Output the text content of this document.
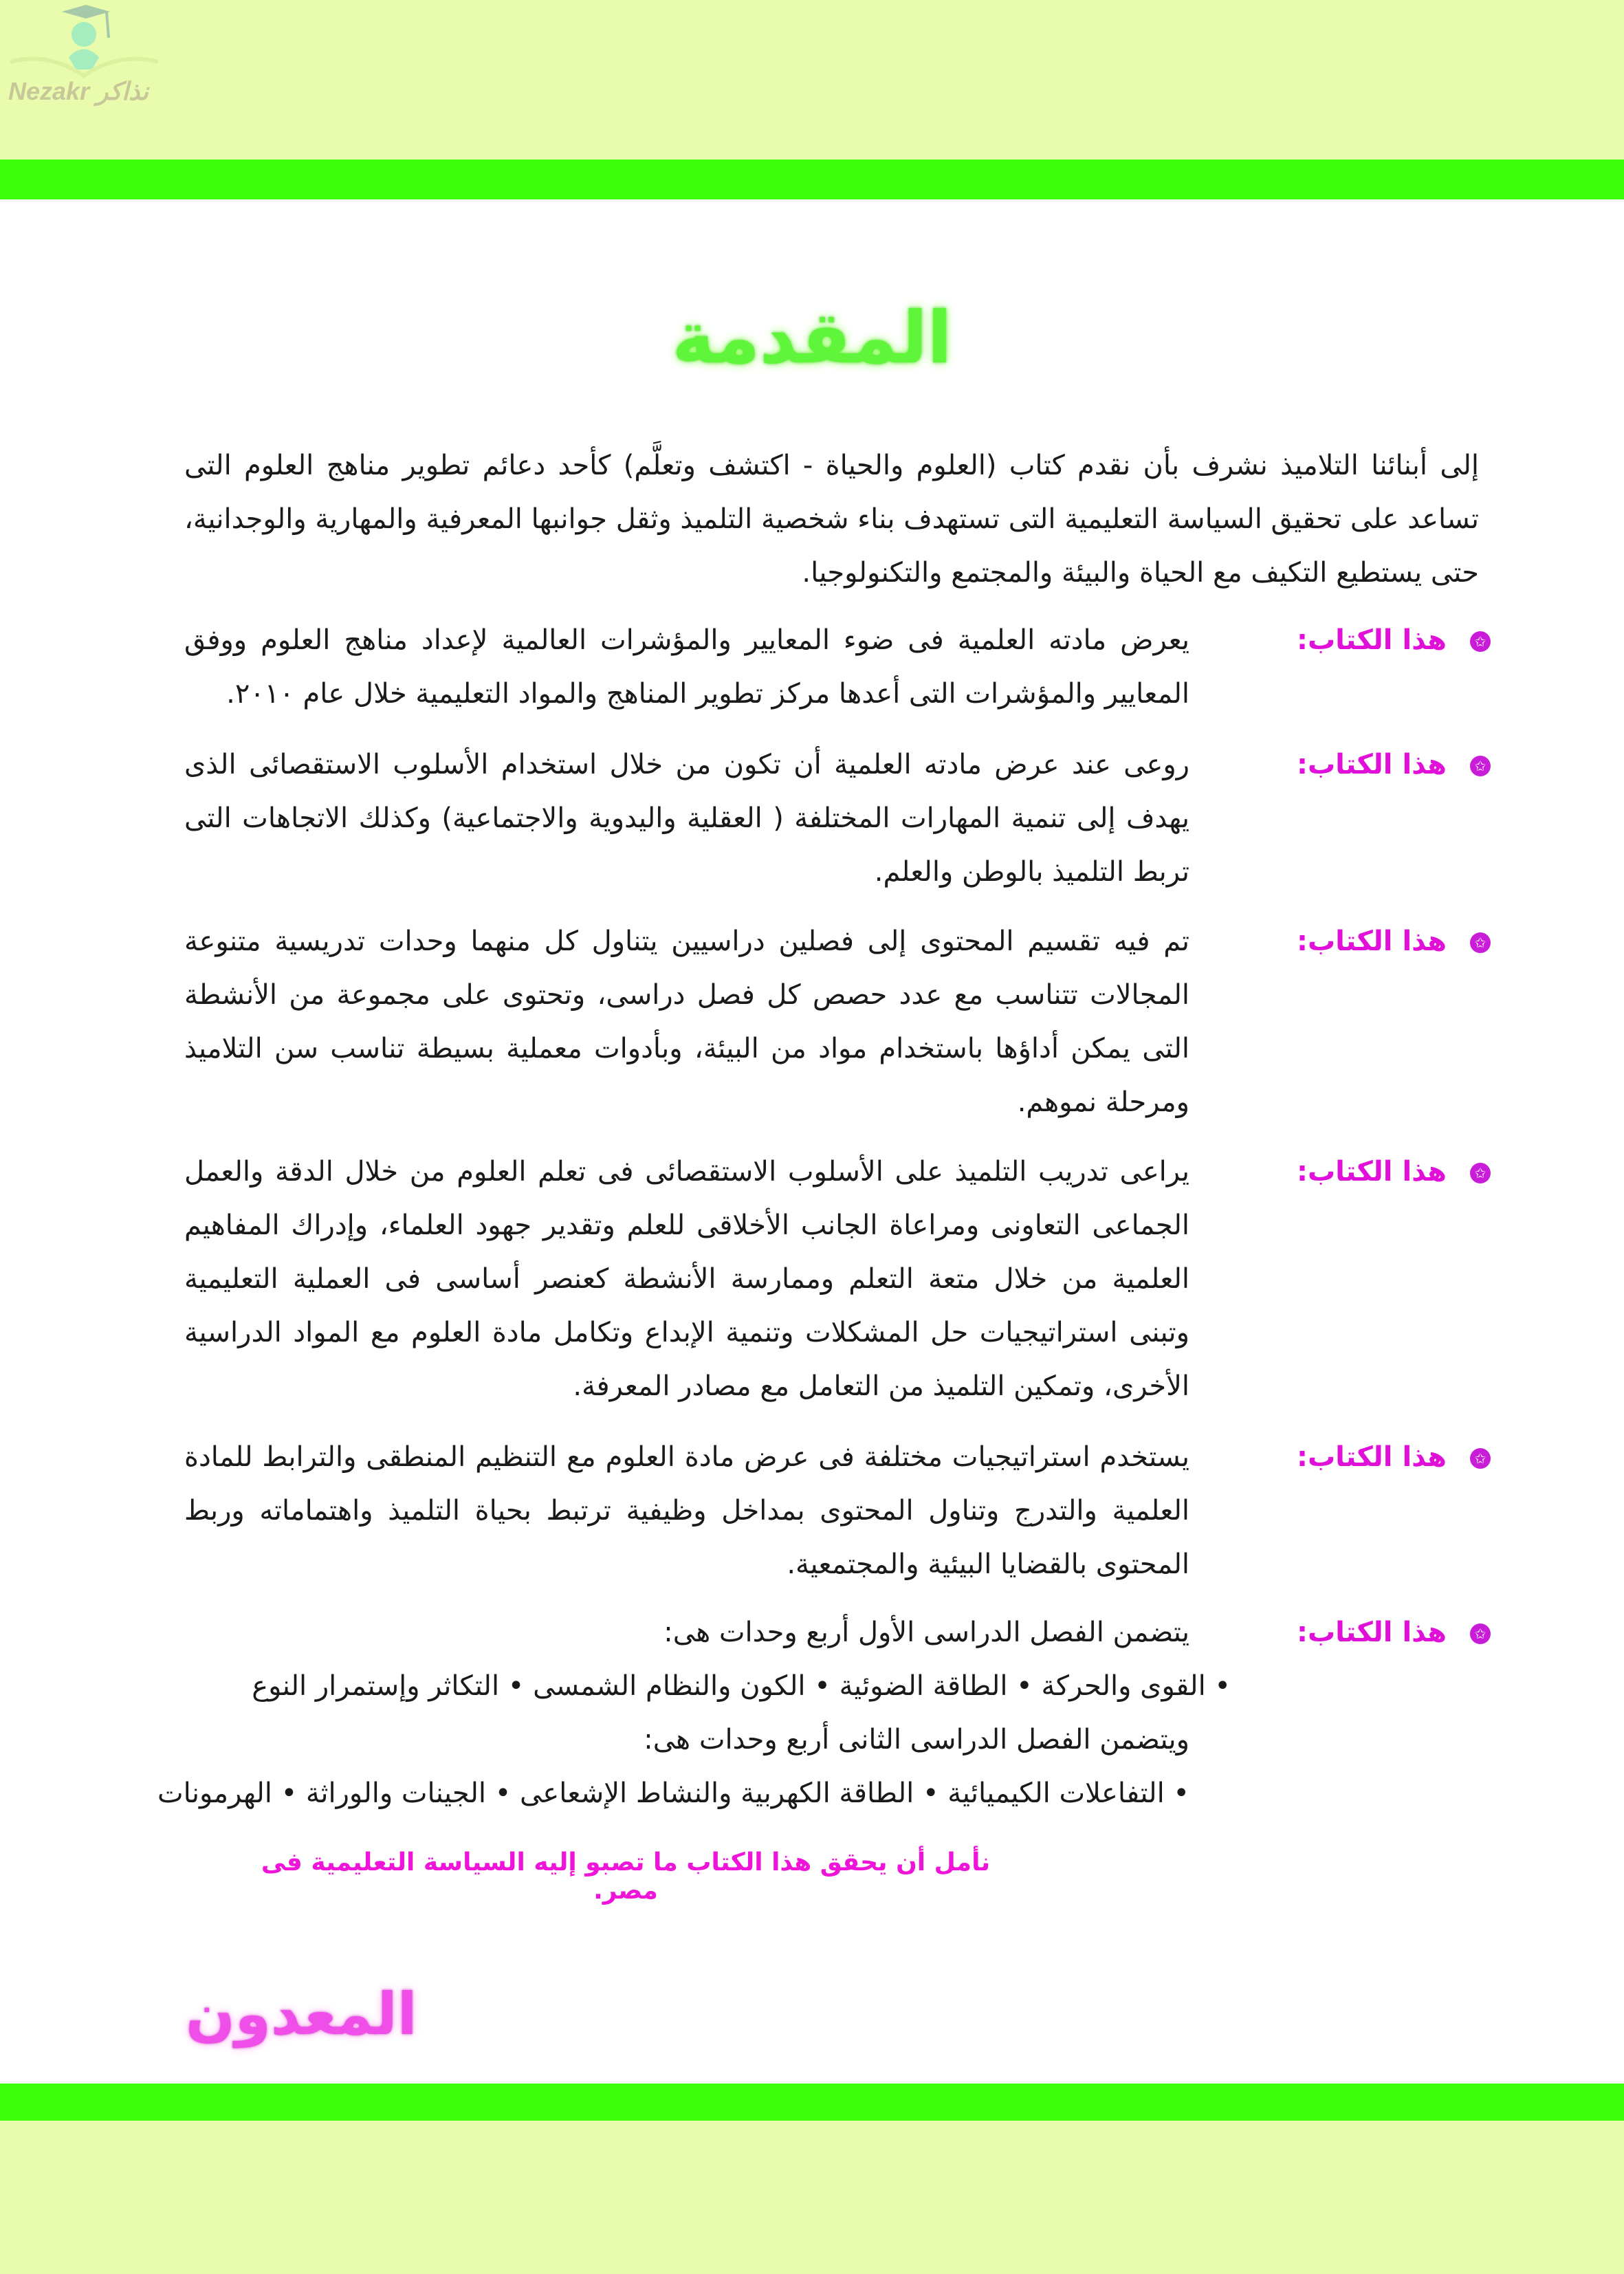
Nezakr نذاكر
المقدمة
إلى أبنائنا التلاميذ نشرف بأن نقدم كتاب (العلوم والحياة - اكتشف وتعلَّم) كأحد دعائم تطوير مناهج العلوم التى تساعد على تحقيق السياسة التعليمية التى تستهدف بناء شخصية التلميذ وثقل جوانبها المعرفية والمهارية والوجدانية، حتى يستطيع التكيف مع الحياة والبيئة والمجتمع والتكنولوجيا.
✩هذا الكتاب:
يعرض مادته العلمية فى ضوء المعايير والمؤشرات العالمية لإعداد مناهج العلوم ووفق المعايير والمؤشرات التى أعدها مركز تطوير المناهج والمواد التعليمية خلال عام ٢٠١٠.
✩هذا الكتاب:
روعى عند عرض مادته العلمية أن تكون من خلال استخدام الأسلوب الاستقصائى الذى يهدف إلى تنمية المهارات المختلفة ( العقلية واليدوية والاجتماعية) وكذلك الاتجاهات التى تربط التلميذ بالوطن والعلم.
✩هذا الكتاب:
تم فيه تقسيم المحتوى إلى فصلين دراسيين يتناول كل منهما وحدات تدريسية متنوعة المجالات تتناسب مع عدد حصص كل فصل دراسى، وتحتوى على مجموعة من الأنشطة التى يمكن أداؤها باستخدام مواد من البيئة، وبأدوات معملية بسيطة تناسب سن التلاميذ ومرحلة نموهم.
✩هذا الكتاب:
يراعى تدريب التلميذ على الأسلوب الاستقصائى فى تعلم العلوم من خلال الدقة والعمل الجماعى التعاونى ومراعاة الجانب الأخلاقى للعلم وتقدير جهود العلماء، وإدراك المفاهيم العلمية من خلال متعة التعلم وممارسة الأنشطة كعنصر أساسى فى العملية التعليمية وتبنى استراتيجيات حل المشكلات وتنمية الإبداع وتكامل مادة العلوم مع المواد الدراسية الأخرى، وتمكين التلميذ من التعامل مع مصادر المعرفة.
✩هذا الكتاب:
يستخدم استراتيجيات مختلفة فى عرض مادة العلوم مع التنظيم المنطقى والترابط للمادة العلمية والتدرج وتناول المحتوى بمداخل وظيفية ترتبط بحياة التلميذ واهتماماته وربط المحتوى بالقضايا البيئية والمجتمعية.
✩هذا الكتاب:
يتضمن الفصل الدراسى الأول أربع وحدات هى:
• القوى والحركة • الطاقة الضوئية • الكون والنظام الشمسى • التكاثر وإستمرار النوع
ويتضمن الفصل الدراسى الثانى أربع وحدات هى:
• التفاعلات الكيميائية • الطاقة الكهربية والنشاط الإشعاعى • الجينات والوراثة • الهرمونات
نأمل أن يحقق هذا الكتاب ما تصبو إليه السياسة التعليمية فى مصر.
المعدون
